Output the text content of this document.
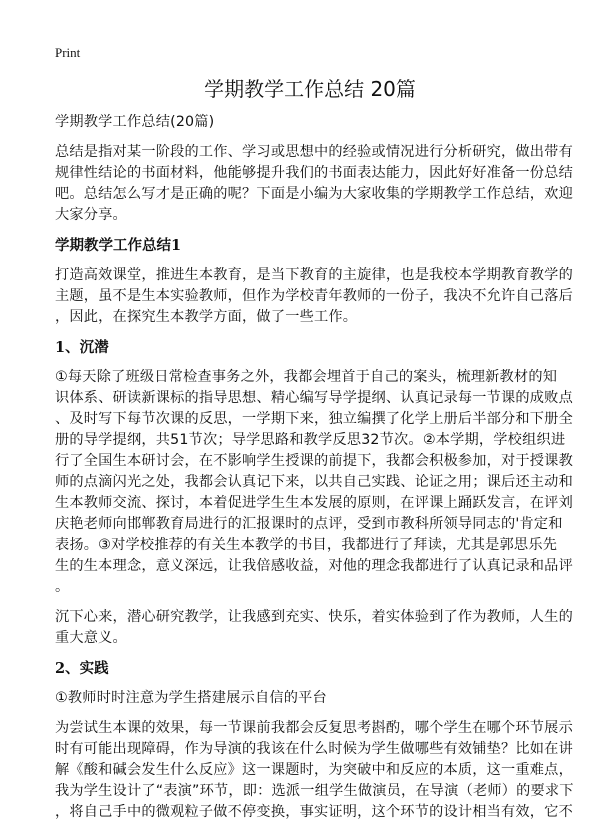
Print
学期教学工作总结 20篇
学期教学工作总结(20篇)
总结是指对某一阶段的工作、学习或思想中的经验或情况进行分析研究，做出带有
规律性结论的书面材料，他能够提升我们的书面表达能力，因此好好准备一份总结
吧。总结怎么写才是正确的呢？下面是小编为大家收集的学期教学工作总结，欢迎
大家分享。
学期教学工作总结1
打造高效课堂，推进生本教育，是当下教育的主旋律，也是我校本学期教育教学的
主题，虽不是生本实验教师，但作为学校青年教师的一份子，我决不允许自己落后
，因此，在探究生本教学方面，做了一些工作。
1、沉潜
①每天除了班级日常检查事务之外，我都会埋首于自己的案头，梳理新教材的知
识体系、研读新课标的指导思想、精心编写导学提纲、认真记录每一节课的成败点
、及时写下每节次课的反思，一学期下来，独立编撰了化学上册后半部分和下册全
册的导学提纲，共51节次；导学思路和教学反思32节次。②本学期，学校组织进
行了全国生本研讨会，在不影响学生授课的前提下，我都会积极参加，对于授课教
师的点滴闪光之处，我都会认真记下来，以共自己实践、论证之用；课后还主动和
生本教师交流、探讨，本着促进学生生本发展的原则，在评课上踊跃发言，在评刘
庆艳老师向邯郸教育局进行的汇报课时的点评，受到市教科所领导同志的'肯定和
表扬。③对学校推荐的有关生本教学的书目，我都进行了拜读，尤其是郭思乐先
生的生本理念，意义深远，让我倍感收益，对他的理念我都进行了认真记录和品评
。
沉下心来，潜心研究教学，让我感到充实、快乐，着实体验到了作为教师，人生的
重大意义。
2、实践
①教师时时注意为学生搭建展示自信的平台
为尝试生本课的效果，每一节课前我都会反复思考斟酌，哪个学生在哪个环节展示
时有可能出现障碍，作为导演的我该在什么时候为学生做哪些有效铺垫？比如在讲
解《酸和碱会发生什么反应》这一课题时，为突破中和反应的本质，这一重难点，
我为学生设计了“表演”环节，即：选派一组学生做演员，在导演（老师）的要求下
，将自己手中的微观粒子做不停变换，事实证明，这个环节的设计相当有效，它不
